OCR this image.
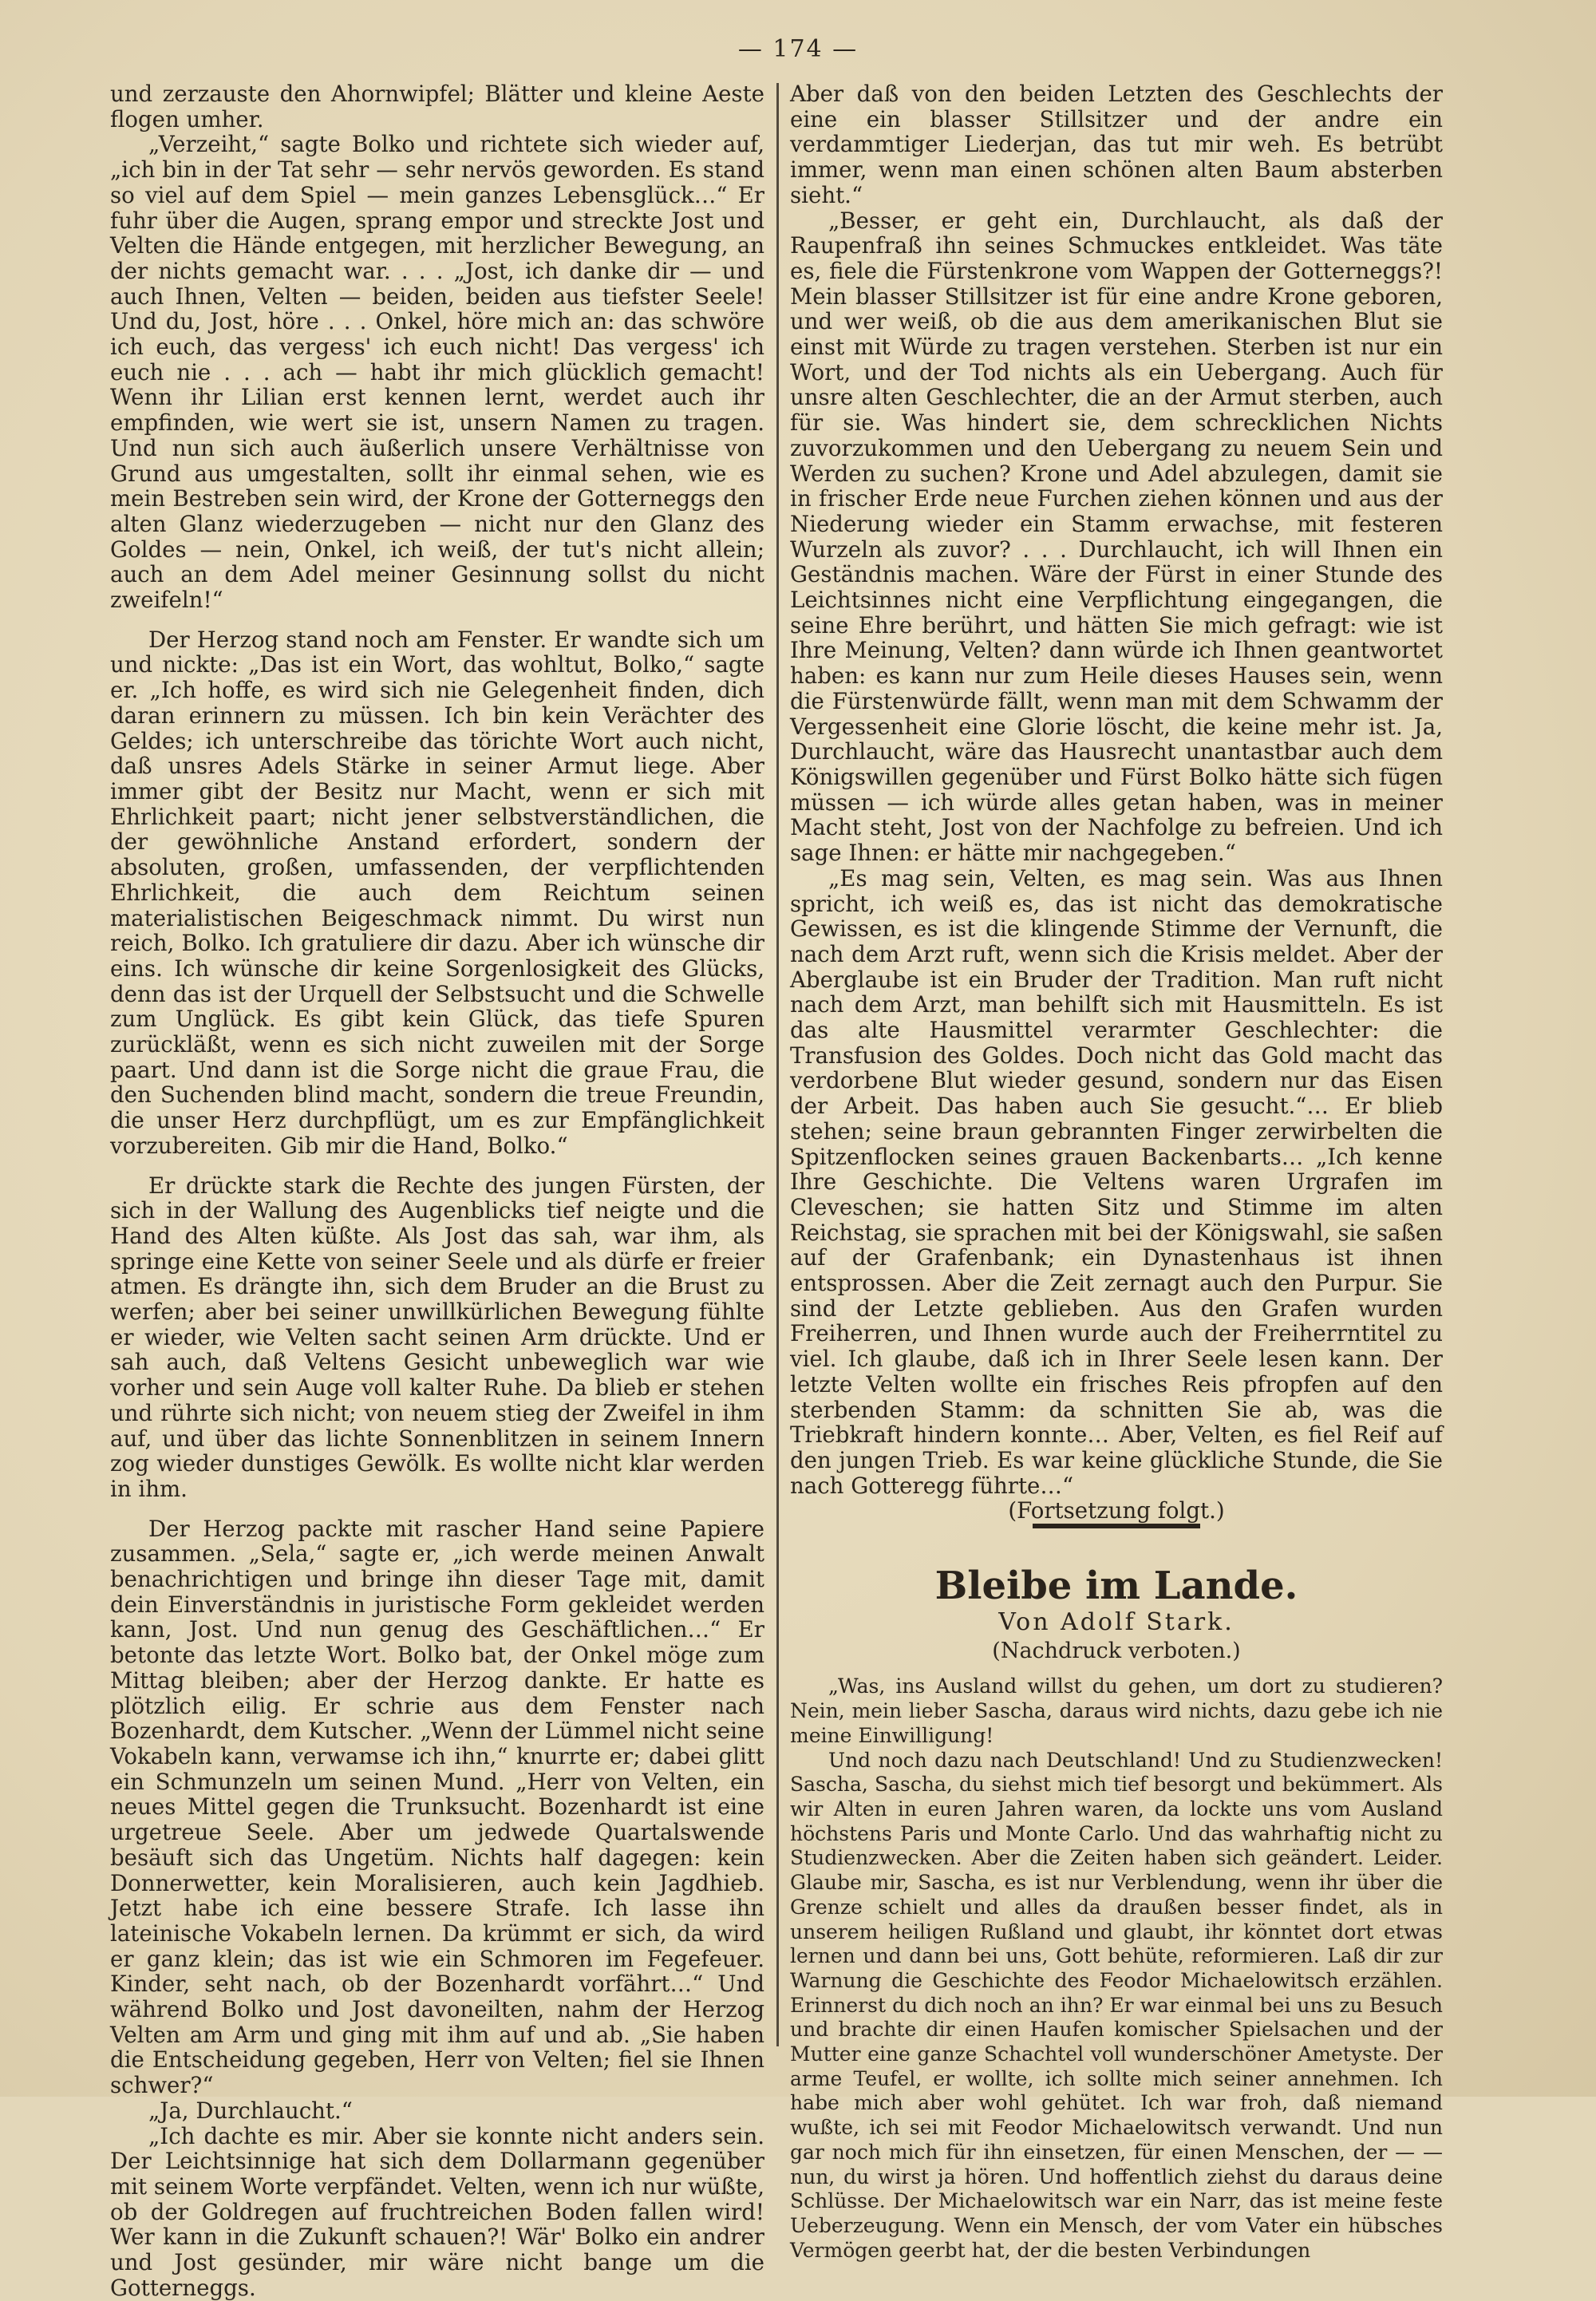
— 174 —

und zerzauste den Ahornwipfel; Blätter und kleine Aeste flogen umher.

„Verzeiht,“ sagte Bolko und richtete sich wieder auf, „ich bin in der Tat sehr — sehr nervös geworden. Es stand so viel auf dem Spiel — mein ganzes Lebensglück…“ Er fuhr über die Augen, sprang empor und streckte Jost und Velten die Hände entgegen, mit herzlicher Bewegung, an der nichts gemacht war. . . . „Jost, ich danke dir — und auch Ihnen, Velten — beiden, beiden aus tiefster Seele! Und du, Jost, höre . . . Onkel, höre mich an: das schwöre ich euch, das vergess' ich euch nicht! Das vergess' ich euch nie . . . ach — habt ihr mich glücklich gemacht! Wenn ihr Lilian erst kennen lernt, werdet auch ihr empfinden, wie wert sie ist, unsern Namen zu tragen. Und nun sich auch äußerlich unsere Verhältnisse von Grund aus umgestalten, sollt ihr einmal sehen, wie es mein Bestreben sein wird, der Krone der Gotterneggs den alten Glanz wiederzugeben — nicht nur den Glanz des Goldes — nein, Onkel, ich weiß, der tut's nicht allein; auch an dem Adel meiner Gesinnung sollst du nicht zweifeln!“

Der Herzog stand noch am Fenster. Er wandte sich um und nickte: „Das ist ein Wort, das wohltut, Bolko,“ sagte er. „Ich hoffe, es wird sich nie Gelegenheit finden, dich daran erinnern zu müssen. Ich bin kein Verächter des Geldes; ich unterschreibe das törichte Wort auch nicht, daß unsres Adels Stärke in seiner Armut liege. Aber immer gibt der Besitz nur Macht, wenn er sich mit Ehrlichkeit paart; nicht jener selbstverständlichen, die der gewöhnliche Anstand erfordert, sondern der absoluten, großen, umfassenden, der verpflichtenden Ehrlichkeit, die auch dem Reichtum seinen materialistischen Beigeschmack nimmt. Du wirst nun reich, Bolko. Ich gratuliere dir dazu. Aber ich wünsche dir eins. Ich wünsche dir keine Sorgenlosigkeit des Glücks, denn das ist der Urquell der Selbstsucht und die Schwelle zum Unglück. Es gibt kein Glück, das tiefe Spuren zurückläßt, wenn es sich nicht zuweilen mit der Sorge paart. Und dann ist die Sorge nicht die graue Frau, die den Suchenden blind macht, sondern die treue Freundin, die unser Herz durchpflügt, um es zur Empfänglichkeit vorzubereiten. Gib mir die Hand, Bolko.“

Er drückte stark die Rechte des jungen Fürsten, der sich in der Wallung des Augenblicks tief neigte und die Hand des Alten küßte. Als Jost das sah, war ihm, als springe eine Kette von seiner Seele und als dürfe er freier atmen. Es drängte ihn, sich dem Bruder an die Brust zu werfen; aber bei seiner unwillkürlichen Bewegung fühlte er wieder, wie Velten sacht seinen Arm drückte. Und er sah auch, daß Veltens Gesicht unbeweglich war wie vorher und sein Auge voll kalter Ruhe. Da blieb er stehen und rührte sich nicht; von neuem stieg der Zweifel in ihm auf, und über das lichte Sonnenblitzen in seinem Innern zog wieder dunstiges Gewölk. Es wollte nicht klar werden in ihm.

Der Herzog packte mit rascher Hand seine Papiere zusammen. „Sela,“ sagte er, „ich werde meinen Anwalt benachrichtigen und bringe ihn dieser Tage mit, damit dein Einverständnis in juristische Form gekleidet werden kann, Jost. Und nun genug des Geschäftlichen…“ Er betonte das letzte Wort. Bolko bat, der Onkel möge zum Mittag bleiben; aber der Herzog dankte. Er hatte es plötzlich eilig. Er schrie aus dem Fenster nach Bozenhardt, dem Kutscher. „Wenn der Lümmel nicht seine Vokabeln kann, verwamse ich ihn,“ knurrte er; dabei glitt ein Schmunzeln um seinen Mund. „Herr von Velten, ein neues Mittel gegen die Trunksucht. Bozenhardt ist eine urgetreue Seele. Aber um jedwede Quartalswende besäuft sich das Ungetüm. Nichts half dagegen: kein Donnerwetter, kein Moralisieren, auch kein Jagdhieb. Jetzt habe ich eine bessere Strafe. Ich lasse ihn lateinische Vokabeln lernen. Da krümmt er sich, da wird er ganz klein; das ist wie ein Schmoren im Fegefeuer. Kinder, seht nach, ob der Bozenhardt vorfährt…“ Und während Bolko und Jost davoneilten, nahm der Herzog Velten am Arm und ging mit ihm auf und ab. „Sie haben die Entscheidung gegeben, Herr von Velten; fiel sie Ihnen schwer?“

„Ja, Durchlaucht.“

„Ich dachte es mir. Aber sie konnte nicht anders sein. Der Leichtsinnige hat sich dem Dollarmann gegenüber mit seinem Worte verpfändet. Velten, wenn ich nur wüßte, ob der Goldregen auf fruchtreichen Boden fallen wird! Wer kann in die Zukunft schauen?! Wär' Bolko ein andrer und Jost gesünder, mir wäre nicht bange um die Gotterneggs.

Aber daß von den beiden Letzten des Geschlechts der eine ein blasser Stillsitzer und der andre ein verdammtiger Liederjan, das tut mir weh. Es betrübt immer, wenn man einen schönen alten Baum absterben sieht.“

„Besser, er geht ein, Durchlaucht, als daß der Raupenfraß ihn seines Schmuckes entkleidet. Was täte es, fiele die Fürstenkrone vom Wappen der Gotterneggs?! Mein blasser Stillsitzer ist für eine andre Krone geboren, und wer weiß, ob die aus dem amerikanischen Blut sie einst mit Würde zu tragen verstehen. Sterben ist nur ein Wort, und der Tod nichts als ein Uebergang. Auch für unsre alten Geschlechter, die an der Armut sterben, auch für sie. Was hindert sie, dem schrecklichen Nichts zuvorzukommen und den Uebergang zu neuem Sein und Werden zu suchen? Krone und Adel abzulegen, damit sie in frischer Erde neue Furchen ziehen können und aus der Niederung wieder ein Stamm erwachse, mit festeren Wurzeln als zuvor? . . . Durchlaucht, ich will Ihnen ein Geständnis machen. Wäre der Fürst in einer Stunde des Leichtsinnes nicht eine Verpflichtung eingegangen, die seine Ehre berührt, und hätten Sie mich gefragt: wie ist Ihre Meinung, Velten? dann würde ich Ihnen geantwortet haben: es kann nur zum Heile dieses Hauses sein, wenn die Fürstenwürde fällt, wenn man mit dem Schwamm der Vergessenheit eine Glorie löscht, die keine mehr ist. Ja, Durchlaucht, wäre das Hausrecht unantastbar auch dem Königswillen gegenüber und Fürst Bolko hätte sich fügen müssen — ich würde alles getan haben, was in meiner Macht steht, Jost von der Nachfolge zu befreien. Und ich sage Ihnen: er hätte mir nachgegeben.“

„Es mag sein, Velten, es mag sein. Was aus Ihnen spricht, ich weiß es, das ist nicht das demokratische Gewissen, es ist die klingende Stimme der Vernunft, die nach dem Arzt ruft, wenn sich die Krisis meldet. Aber der Aberglaube ist ein Bruder der Tradition. Man ruft nicht nach dem Arzt, man behilft sich mit Hausmitteln. Es ist das alte Hausmittel verarmter Geschlechter: die Transfusion des Goldes. Doch nicht das Gold macht das verdorbene Blut wieder gesund, sondern nur das Eisen der Arbeit. Das haben auch Sie gesucht.“… Er blieb stehen; seine braun gebrannten Finger zerwirbelten die Spitzenflocken seines grauen Backenbarts… „Ich kenne Ihre Geschichte. Die Veltens waren Urgrafen im Cleveschen; sie hatten Sitz und Stimme im alten Reichstag, sie sprachen mit bei der Königswahl, sie saßen auf der Grafenbank; ein Dynastenhaus ist ihnen entsprossen. Aber die Zeit zernagt auch den Purpur. Sie sind der Letzte geblieben. Aus den Grafen wurden Freiherren, und Ihnen wurde auch der Freiherrntitel zu viel. Ich glaube, daß ich in Ihrer Seele lesen kann. Der letzte Velten wollte ein frisches Reis pfropfen auf den sterbenden Stamm: da schnitten Sie ab, was die Triebkraft hindern konnte… Aber, Velten, es fiel Reif auf den jungen Trieb. Es war keine glückliche Stunde, die Sie nach Gotteregg führte…“

(Fortsetzung folgt.)

Bleibe im Lande.
Von Adolf Stark.
(Nachdruck verboten.)

„Was, ins Ausland willst du gehen, um dort zu studieren? Nein, mein lieber Sascha, daraus wird nichts, dazu gebe ich nie meine Einwilligung!

Und noch dazu nach Deutschland! Und zu Studienzwecken! Sascha, Sascha, du siehst mich tief besorgt und bekümmert. Als wir Alten in euren Jahren waren, da lockte uns vom Ausland höchstens Paris und Monte Carlo. Und das wahrhaftig nicht zu Studienzwecken. Aber die Zeiten haben sich geändert. Leider. Glaube mir, Sascha, es ist nur Verblendung, wenn ihr über die Grenze schielt und alles da draußen besser findet, als in unserem heiligen Rußland und glaubt, ihr könntet dort etwas lernen und dann bei uns, Gott behüte, reformieren. Laß dir zur Warnung die Geschichte des Feodor Michaelowitsch erzählen. Erinnerst du dich noch an ihn? Er war einmal bei uns zu Besuch und brachte dir einen Haufen komischer Spielsachen und der Mutter eine ganze Schachtel voll wunderschöner Ametyste. Der arme Teufel, er wollte, ich sollte mich seiner annehmen. Ich habe mich aber wohl gehütet. Ich war froh, daß niemand wußte, ich sei mit Feodor Michaelowitsch verwandt. Und nun gar noch mich für ihn einsetzen, für einen Menschen, der — — nun, du wirst ja hören. Und hoffentlich ziehst du daraus deine Schlüsse. Der Michaelowitsch war ein Narr, das ist meine feste Ueberzeugung. Wenn ein Mensch, der vom Vater ein hübsches Vermögen geerbt hat, der die besten Verbindungen
